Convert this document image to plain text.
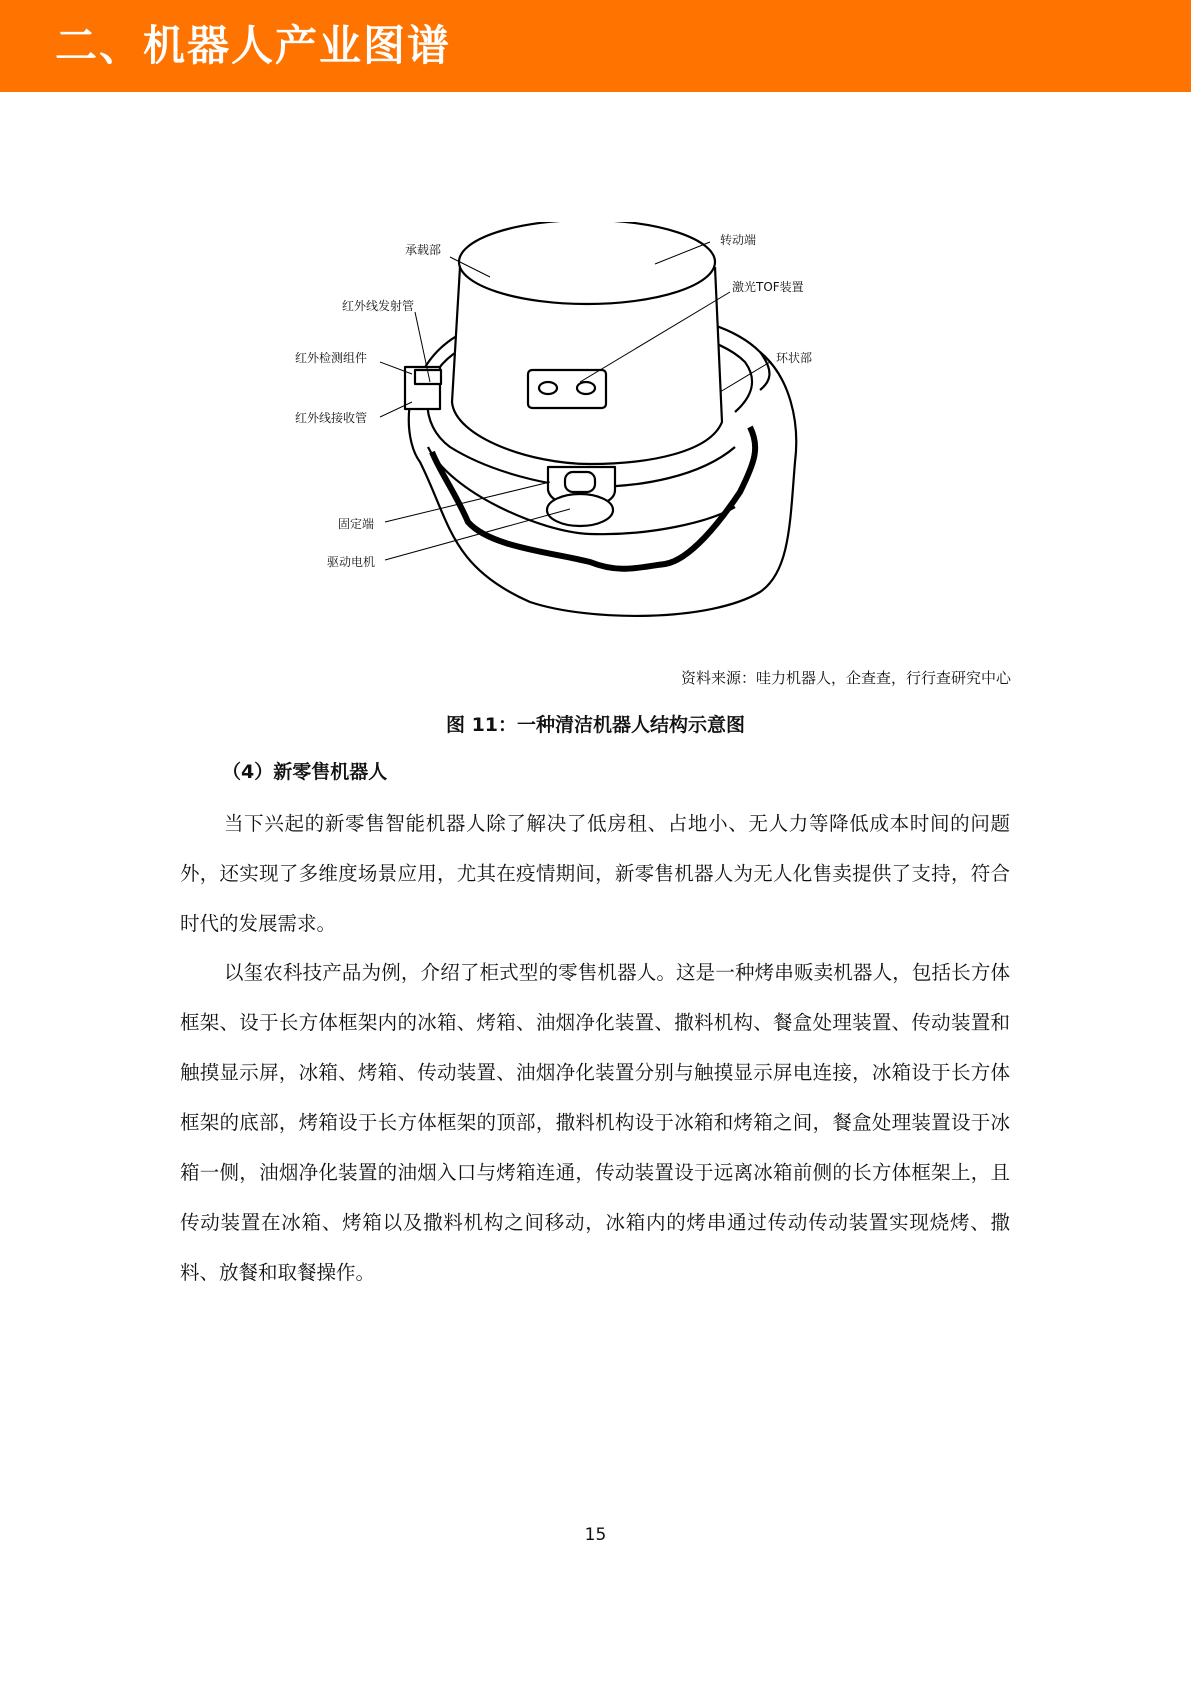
二、机器人产业图谱
承载部
转动端
激光TOF装置
红外线发射管
红外检测组件	环状部
红外线接收管
固定端
驱动电机
资料来源：哇力机器人，企查查，行行查研究中心
图 11：一种清洁机器人结构示意图
（4）新零售机器人

当下兴起的新零售智能机器人除了解决了低房租、占地小、无人力等降低成本时间的问题外，还实现了多维度场景应用，尤其在疫情期间，新零售机器人为无人化售卖提供了支持，符合时代的发展需求。

以玺农科技产品为例，介绍了柜式型的零售机器人。这是一种烤串贩卖机器人，包括长方体框架、设于长方体框架内的冰箱、烤箱、油烟净化装置、撒料机构、餐盒处理装置、传动装置和触摸显示屏，冰箱、烤箱、传动装置、油烟净化装置分别与触摸显示屏电连接，冰箱设于长方体框架的底部，烤箱设于长方体框架的顶部，撒料机构设于冰箱和烤箱之间，餐盒处理装置设于冰箱一侧，油烟净化装置的油烟入口与烤箱连通，传动装置设于远离冰箱前侧的长方体框架上，且传动装置在冰箱、烤箱以及撒料机构之间移动，冰箱内的烤串通过传动传动装置实现烧烤、撒料、放餐和取餐操作。

15
